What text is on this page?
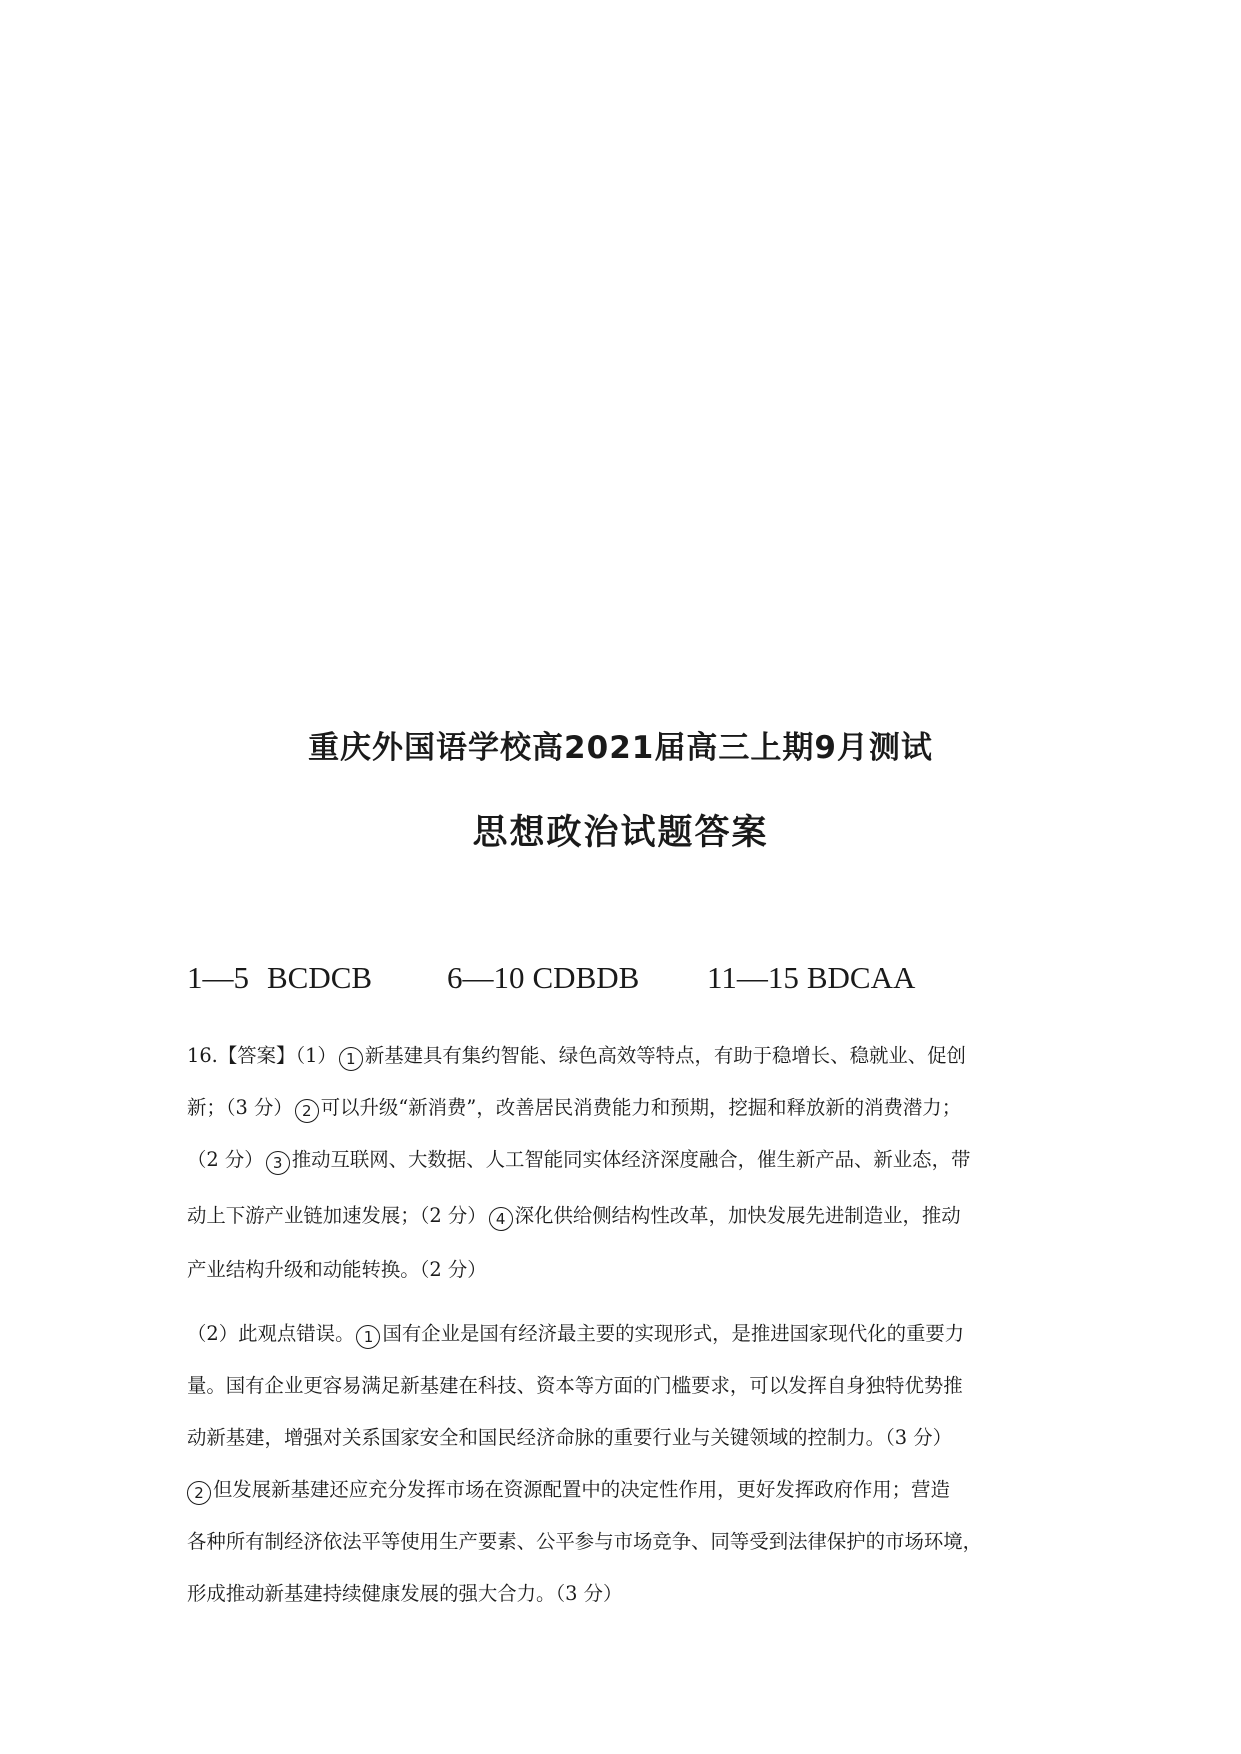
重庆外国语学校高2021届高三上期9月测试
思想政治试题答案
1—5 BCDCB 6—10 CDBDB 11—15 BDCAA
16.【答案】（1） 1 新基建具有集约智能、绿色高效等特点，有助于稳增长、稳就业、促创
新；（3 分） 2 可以升级“新消费”，改善居民消费能力和预期，挖掘和释放新的消费潜力；
（2 分） 3 推动互联网、大数据、人工智能同实体经济深度融合，催生新产品、新业态，带
动上下游产业链加速发展；（2 分） 4 深化供给侧结构性改革，加快发展先进制造业，推动
产业结构升级和动能转换。（2 分）
（2）此观点错误。 1 国有企业是国有经济最主要的实现形式，是推进国家现代化的重要力
量。国有企业更容易满足新基建在科技、资本等方面的门槛要求，可以发挥自身独特优势推
动新基建，增强对关系国家安全和国民经济命脉的重要行业与关键领域的控制力。（3 分）
2 但发展新基建还应充分发挥市场在资源配置中的决定性作用，更好发挥政府作用；营造
各种所有制经济依法平等使用生产要素、公平参与市场竞争、同等受到法律保护的市场环境，
形成推动新基建持续健康发展的强大合力。（3 分）
